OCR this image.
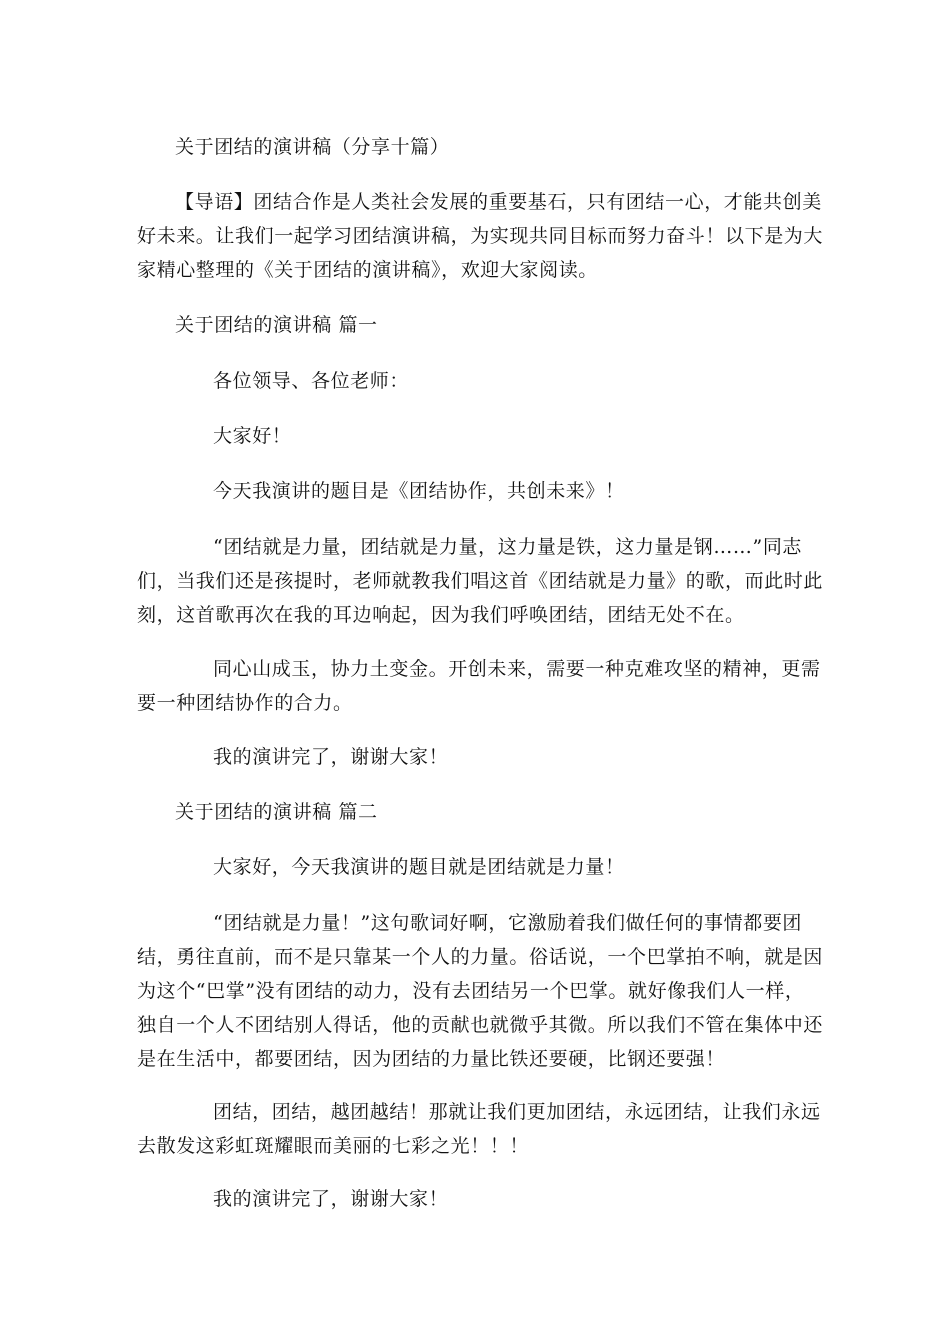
关于团结的演讲稿（分享十篇）
【导语】团结合作是人类社会发展的重要基石，只有团结一心，才能共创美
好未来。让我们一起学习团结演讲稿，为实现共同目标而努力奋斗！以下是为大
家精心整理的《关于团结的演讲稿》，欢迎大家阅读。
关于团结的演讲稿 篇一
各位领导、各位老师：
大家好！
今天我演讲的题目是《团结协作，共创未来》！
“团结就是力量，团结就是力量，这力量是铁，这力量是钢……”同志
们，当我们还是孩提时，老师就教我们唱这首《团结就是力量》的歌，而此时此
刻，这首歌再次在我的耳边响起，因为我们呼唤团结，团结无处不在。
同心山成玉，协力土变金。开创未来，需要一种克难攻坚的精神，更需
要一种团结协作的合力。
我的演讲完了，谢谢大家！
关于团结的演讲稿 篇二
大家好，今天我演讲的题目就是团结就是力量！
“团结就是力量！”这句歌词好啊，它激励着我们做任何的事情都要团
结，勇往直前，而不是只靠某一个人的力量。俗话说，一个巴掌拍不响，就是因
为这个“巴掌”没有团结的动力，没有去团结另一个巴掌。就好像我们人一样，
独自一个人不团结别人得话，他的贡献也就微乎其微。所以我们不管在集体中还
是在生活中，都要团结，因为团结的力量比铁还要硬，比钢还要强！
团结，团结，越团越结！那就让我们更加团结，永远团结，让我们永远
去散发这彩虹斑耀眼而美丽的七彩之光！！！
我的演讲完了，谢谢大家！
